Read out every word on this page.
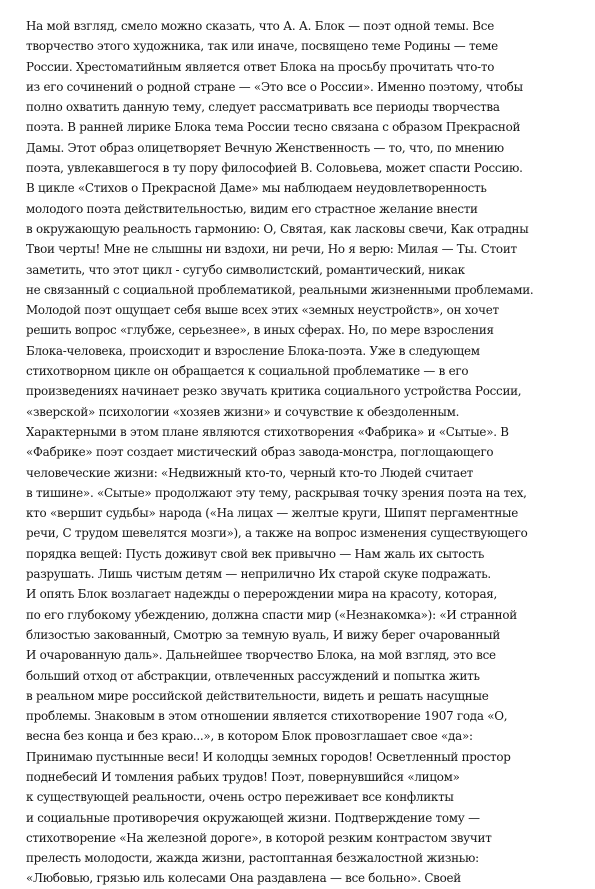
На мой взгляд, смело можно сказать, что А. А. Блок — поэт одной темы. Все
творчество этого художника, так или иначе, посвящено теме Родины — теме
России. Хрестоматийным является ответ Блока на просьбу прочитать что-то
из его сочинений о родной стране — «Это все о России». Именно поэтому, чтобы
полно охватить данную тему, следует рассматривать все периоды творчества
поэта. В ранней лирике Блока тема России тесно связана с образом Прекрасной
Дамы. Этот образ олицетворяет Вечную Женственность — то, что, по мнению
поэта, увлекавшегося в ту пору философией В. Соловьева, может спасти Россию.
В цикле «Стихов о Прекрасной Даме» мы наблюдаем неудовлетворенность
молодого поэта действительностью, видим его страстное желание внести
в окружающую реальность гармонию: О, Святая, как ласковы свечи, Как отрадны
Твои черты! Мне не слышны ни вздохи, ни речи, Но я верю: Милая — Ты. Стоит
заметить, что этот цикл - сугубо символистский, романтический, никак
не связанный с социальной проблематикой, реальными жизненными проблемами.
Молодой поэт ощущает себя выше всех этих «земных неустройств», он хочет
решить вопрос «глубже, серьезнее», в иных сферах. Но, по мере взросления
Блока-человека, происходит и взросление Блока-поэта. Уже в следующем
стихотворном цикле он обращается к социальной проблематике — в его
произведениях начинает резко звучать критика социального устройства России,
«зверской» психологии «хозяев жизни» и сочувствие к обездоленным.
Характерными в этом плане являются стихотворения «Фабрика» и «Сытые». В
«Фабрике» поэт создает мистический образ завода-монстра, поглощающего
человеческие жизни: «Недвижный кто-то, черный кто-то Людей считает
в тишине». «Сытые» продолжают эту тему, раскрывая точку зрения поэта на тех,
кто «вершит судьбы» народа («На лицах — желтые круги, Шипят пергаментные
речи, С трудом шевелятся мозги»), а также на вопрос изменения существующего
порядка вещей: Пусть доживут свой век привычно — Нам жаль их сытость
разрушать. Лишь чистым детям — неприлично Их старой скуке подражать.
И опять Блок возлагает надежды о перерождении мира на красоту, которая,
по его глубокому убеждению, должна спасти мир («Незнакомка»): «И странной
близостью закованный, Смотрю за темную вуаль, И вижу берег очарованный
И очарованную даль». Дальнейшее творчество Блока, на мой взгляд, это все
больший отход от абстракции, отвлеченных рассуждений и попытка жить
в реальном мире российской действительности, видеть и решать насущные
проблемы. Знаковым в этом отношении является стихотворение 1907 года «О,
весна без конца и без краю...», в котором Блок провозглашает свое «да»:
Принимаю пустынные веси! И колодцы земных городов! Осветленный простор
поднебесий И томления рабьих трудов! Поэт, повернувшийся «лицом»
к существующей реальности, очень остро переживает все конфликты
и социальные противоречия окружающей жизни. Подтверждение тому —
стихотворение «На железной дороге», в которой резким контрастом звучит
прелесть молодости, жажда жизни, растоптанная безжалостной жизнью:
«Любовью, грязью иль колесами Она раздавлена — все больно». Своей
